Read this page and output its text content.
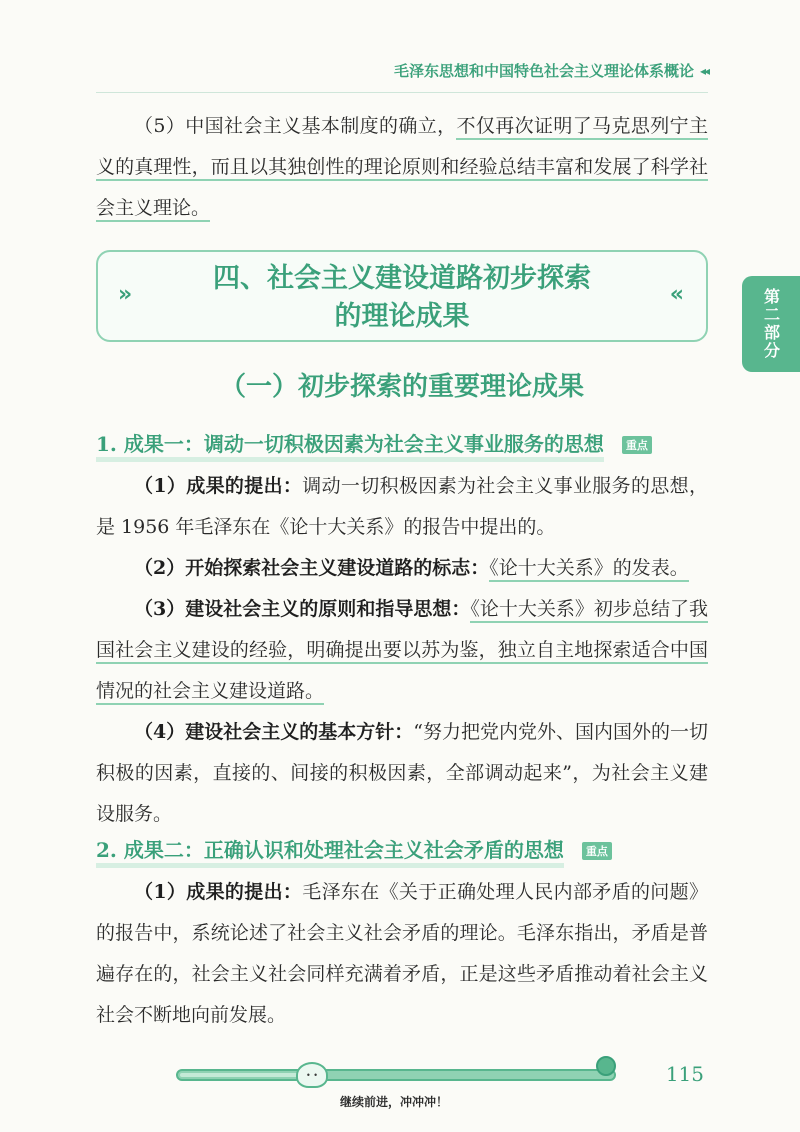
毛泽东思想和中国特色社会主义理论体系概论 ◂◂
第二部分

（5）中国社会主义基本制度的确立，不仅再次证明了马克思列宁主义的真理性，而且以其独创性的理论原则和经验总结丰富和发展了科学社会主义理论。

»
四、社会主义建设道路初步探索
的理论成果
«
（一）初步探索的重要理论成果
1. 成果一：调动一切积极因素为社会主义事业服务的思想	重点

（1）成果的提出：调动一切积极因素为社会主义事业服务的思想，是 1956 年毛泽东在《论十大关系》的报告中提出的。

（2）开始探索社会主义建设道路的标志：《论十大关系》的发表。

（3）建设社会主义的原则和指导思想：《论十大关系》初步总结了我国社会主义建设的经验，明确提出要以苏为鉴，独立自主地探索适合中国情况的社会主义建设道路。

（4）建设社会主义的基本方针：“努力把党内党外、国内国外的一切积极的因素，直接的、间接的积极因素，全部调动起来”，为社会主义建设服务。

2. 成果二：正确认识和处理社会主义社会矛盾的思想	重点

（1）成果的提出：毛泽东在《关于正确处理人民内部矛盾的问题》的报告中，系统论述了社会主义社会矛盾的理论。毛泽东指出，矛盾是普遍存在的，社会主义社会同样充满着矛盾，正是这些矛盾推动着社会主义社会不断地向前发展。

• •
继续前进，冲冲冲！
115
